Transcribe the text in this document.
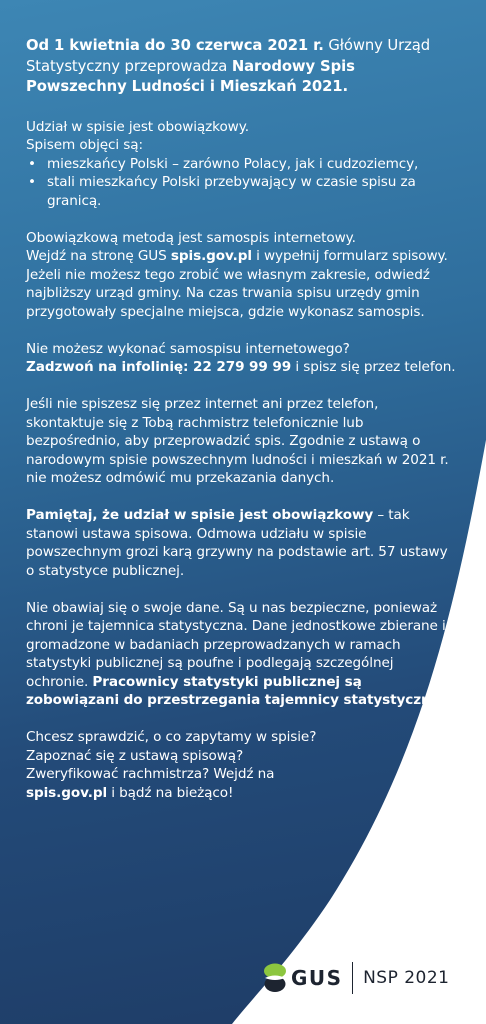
Od 1 kwietnia do 30 czerwca 2021 r. Główny Urząd Statystyczny przeprowadza Narodowy Spis Powszechny Ludności i Mieszkań 2021.

Udział w spisie jest obowiązkowy.
Spisem objęci są:
• mieszkańcy Polski – zarówno Polacy, jak i cudzoziemcy,
• stali mieszkańcy Polski przebywający w czasie spisu za granicą.

Obowiązkową metodą jest samospis internetowy.
Wejdź na stronę GUS spis.gov.pl i wypełnij formularz spisowy. Jeżeli nie możesz tego zrobić we własnym zakresie, odwiedź najbliższy urząd gminy. Na czas trwania spisu urzędy gmin przygotowały specjalne miejsca, gdzie wykonasz samospis.

Nie możesz wykonać samospisu internetowego?
Zadzwoń na infolinię: 22 279 99 99 i spisz się przez telefon.

Jeśli nie spiszesz się przez internet ani przez telefon, skontaktuje się z Tobą rachmistrz telefonicznie lub bezpośrednio, aby przeprowadzić spis. Zgodnie z ustawą o narodowym spisie powszechnym ludności i mieszkań w 2021 r. nie możesz odmówić mu przekazania danych.

Pamiętaj, że udział w spisie jest obowiązkowy – tak stanowi ustawa spisowa. Odmowa udziału w spisie powszechnym grozi karą grzywny na podstawie art. 57 ustawy o statystyce publicznej.

Nie obawiaj się o swoje dane. Są u nas bezpieczne, ponieważ chroni je tajemnica statystyczna. Dane jednostkowe zbierane i gromadzone w badaniach przeprowadzanych w ramach statystyki publicznej są poufne i podlegają szczególnej ochronie. Pracownicy statystyki publicznej są zobowiązani do przestrzegania tajemnicy statystycznej.

Chcesz sprawdzić, o co zapytamy w spisie? Zapoznać się z ustawą spisową? Zweryfikować rachmistrza? Wejdź na spis.gov.pl i bądź na bieżąco!

GUS NSP 2021
